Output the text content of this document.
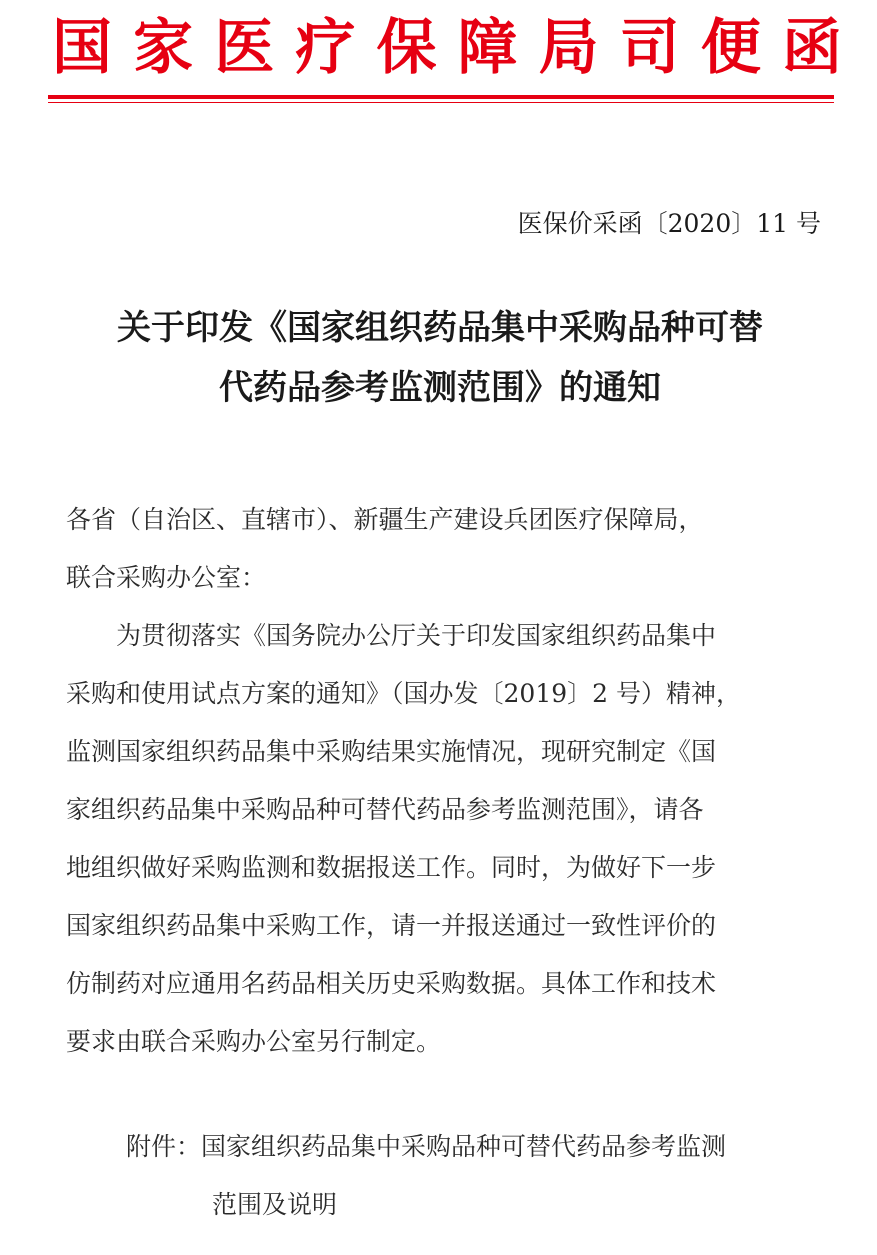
国 家 医 疗 保 障 局 司 便 函
医保价采函〔2020〕11 号
关于印发《国家组织药品集中采购品种可替
代药品参考监测范围》的通知
各省（自治区、直辖市）、新疆生产建设兵团医疗保障局，
联合采购办公室：
　　为贯彻落实《国务院办公厅关于印发国家组织药品集中
采购和使用试点方案的通知》（国办发〔2019〕2 号）精神，
监测国家组织药品集中采购结果实施情况，现研究制定《国
家组织药品集中采购品种可替代药品参考监测范围》，请各
地组织做好采购监测和数据报送工作。同时，为做好下一步
国家组织药品集中采购工作，请一并报送通过一致性评价的
仿制药对应通用名药品相关历史采购数据。具体工作和技术
要求由联合采购办公室另行制定。
附件：国家组织药品集中采购品种可替代药品参考监测
范围及说明
